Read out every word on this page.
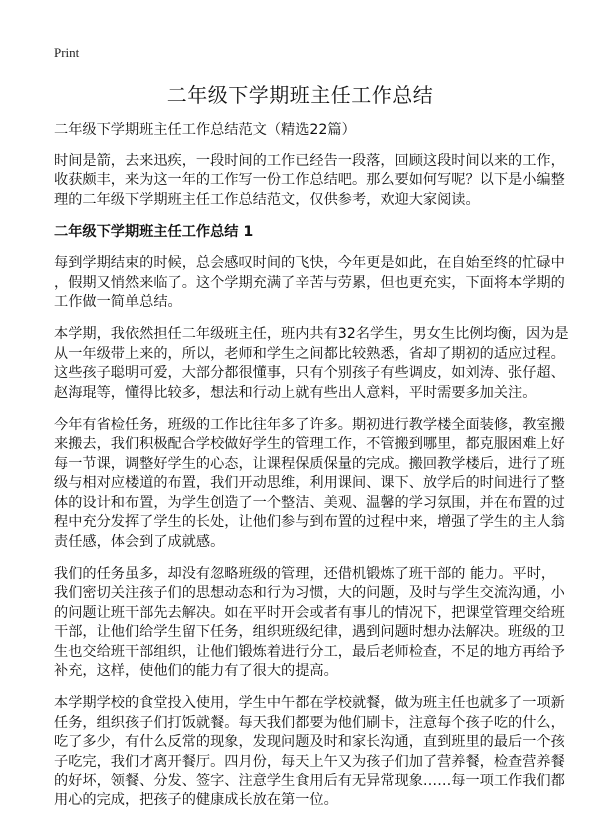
Print
二年级下学期班主任工作总结
二年级下学期班主任工作总结范文（精选22篇）
时间是箭，去来迅疾，一段时间的工作已经告一段落，回顾这段时间以来的工作，
收获颇丰，来为这一年的工作写一份工作总结吧。那么要如何写呢？以下是小编整
理的二年级下学期班主任工作总结范文，仅供参考，欢迎大家阅读。
二年级下学期班主任工作总结 1
每到学期结束的时候，总会感叹时间的飞快，今年更是如此，在自始至终的忙碌中
，假期又悄然来临了。这个学期充满了辛苦与劳累，但也更充实，下面将本学期的
工作做一简单总结。
本学期，我依然担任二年级班主任，班内共有32名学生，男女生比例均衡，因为是
从一年级带上来的，所以，老师和学生之间都比较熟悉，省却了期初的适应过程。
这些孩子聪明可爱，大部分都很懂事，只有个别孩子有些调皮，如刘涛、张仔超、
赵海琨等，懂得比较多，想法和行动上就有些出人意料，平时需要多加关注。
今年有省检任务，班级的工作比往年多了许多。期初进行教学楼全面装修，教室搬
来搬去，我们积极配合学校做好学生的管理工作，不管搬到哪里，都克服困难上好
每一节课，调整好学生的心态，让课程保质保量的完成。搬回教学楼后，进行了班
级与相对应楼道的布置，我们开动思维，利用课间、课下、放学后的时间进行了整
体的设计和布置，为学生创造了一个整洁、美观、温馨的学习氛围，并在布置的过
程中充分发挥了学生的长处，让他们参与到布置的过程中来，增强了学生的主人翁
责任感，体会到了成就感。
我们的任务虽多，却没有忽略班级的管理，还借机锻炼了班干部的 能力。平时，
我们密切关注孩子们的思想动态和行为习惯，大的问题，及时与学生交流沟通，小
的问题让班干部先去解决。如在平时开会或者有事儿的情况下，把课堂管理交给班
干部，让他们给学生留下任务，组织班级纪律，遇到问题时想办法解决。班级的卫
生也交给班干部组织，让他们锻炼着进行分工，最后老师检查，不足的地方再给予
补充，这样，使他们的能力有了很大的提高。
本学期学校的食堂投入使用，学生中午都在学校就餐，做为班主任也就多了一项新
任务，组织孩子们打饭就餐。每天我们都要为他们刷卡，注意每个孩子吃的什么，
吃了多少，有什么反常的现象，发现问题及时和家长沟通，直到班里的最后一个孩
子吃完，我们才离开餐厅。四月份，每天上午又为孩子们加了营养餐，检查营养餐
的好坏，领餐、分发、签字、注意学生食用后有无异常现象……每一项工作我们都
用心的完成，把孩子的健康成长放在第一位。
